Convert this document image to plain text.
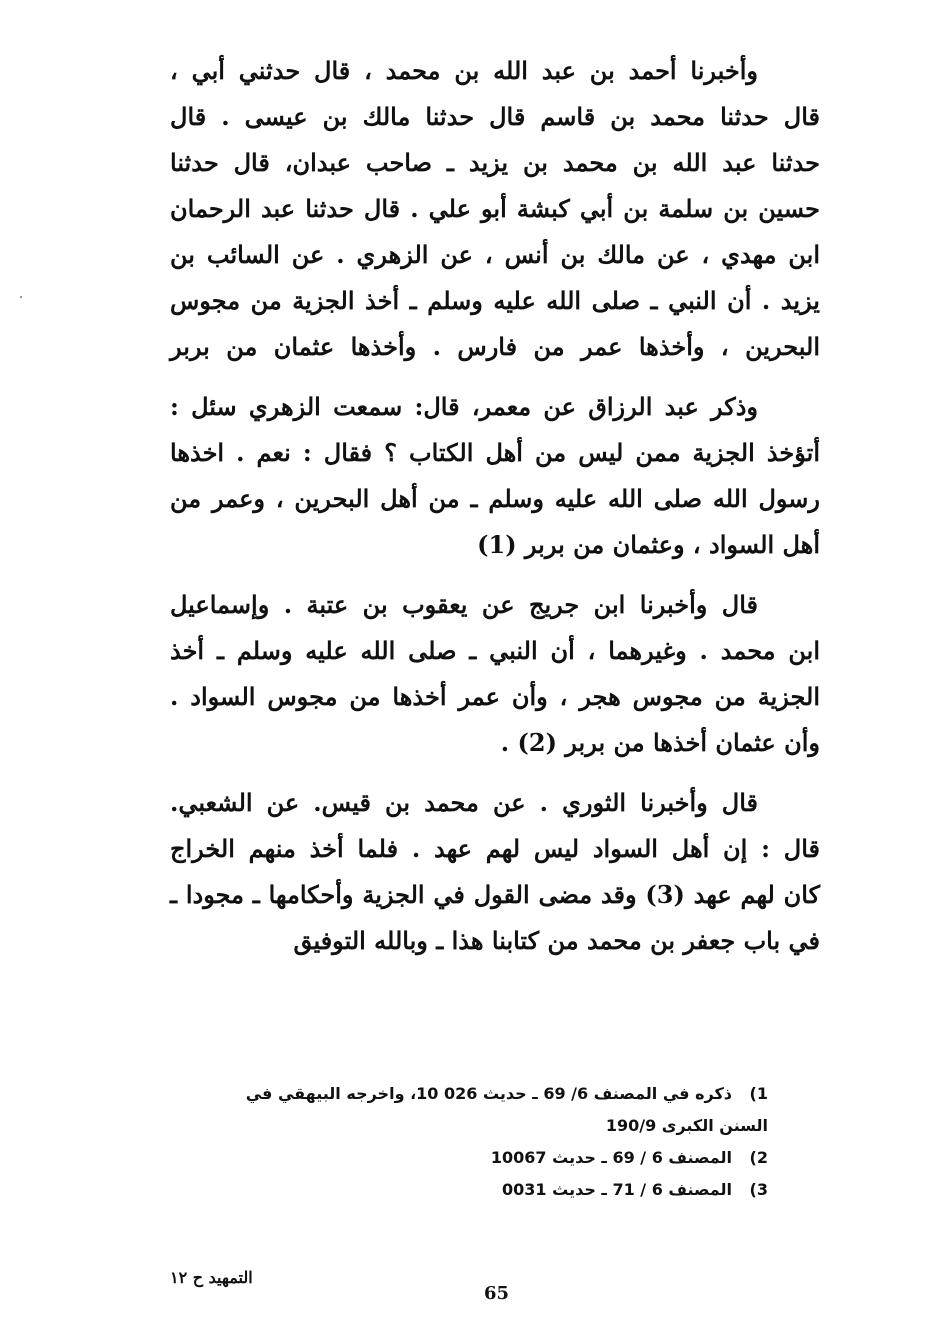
وأخبرنا أحمد بن عبد الله بن محمد ، قال حدثني أبي ،
قال حدثنا محمد بن قاسم قال حدثنا مالك بن عيسى . قال
حدثنا عبد الله بن محمد بن يزيد ـ صاحب عبدان، قال حدثنا
حسين بن سلمة بن أبي كبشة أبو علي . قال حدثنا عبد الرحمان
ابن مهدي ، عن مالك بن أنس ، عن الزهري . عن السائب بن
يزيد . أن النبي ـ صلى الله عليه وسلم ـ أخذ الجزية من مجوس
البحرين ، وأخذها عمر من فارس . وأخذها عثمان من بربر
وذكر عبد الرزاق عن معمر، قال: سمعت الزهري سئل :
أتؤخذ الجزية ممن ليس من أهل الكتاب ؟ فقال : نعم . اخذها
رسول الله صلى الله عليه وسلم ـ من أهل البحرين ، وعمر من
أهل السواد ، وعثمان من بربر (1)
قال وأخبرنا ابن جريج عن يعقوب بن عتبة . وإسماعيل
ابن محمد . وغيرهما ، أن النبي ـ صلى الله عليه وسلم ـ أخذ
الجزية من مجوس هجر ، وأن عمر أخذها من مجوس السواد .
وأن عثمان أخذها من بربر (2) .
قال وأخبرنا الثوري . عن محمد بن قيس. عن الشعبي.
قال : إن أهل السواد ليس لهم عهد . فلما أخذ منهم الخراج
كان لهم عهد (3) وقد مضى القول في الجزية وأحكامها ـ مجودا ـ
في باب جعفر بن محمد من كتابنا هذا ـ وبالله التوفيق
1)ذكره في المصنف 6/ 69 ـ حديث 026 10، واخرجه البيهقي في
السنن الكبرى 190/9
2)المصنف 6 / 69 ـ حديث 10067
3)المصنف 6 / 71 ـ حديث 0031
التمهيد ح ١٢
65
